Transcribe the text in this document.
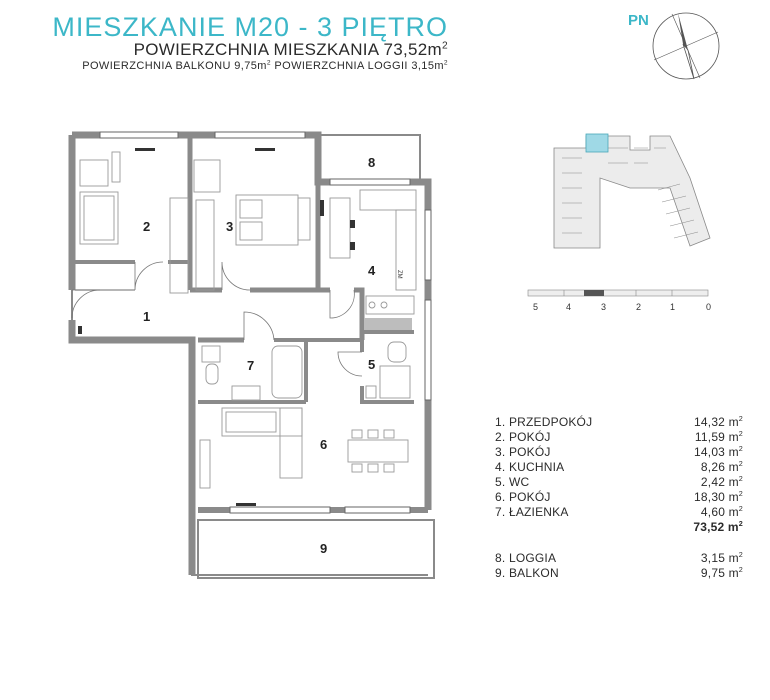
MIESZKANIE M20 - 3 PIĘTRO
POWIERZCHNIA MIESZKANIA $73,52m^2$
POWIERZCHNIA BALKONU $9,75m^2$ POWIERZCHNIA LOGGII $3,15m^2$
PN
2	3
8
4
1
7	5
6
9
ZM
5	4	3	2	1	0
1. PRZEDPOKÓJ	14,32 $m^2$
2. POKÓJ	11,59 $m^2$
3. POKÓJ	14,03 $m^2$
4. KUCHNIA	8,26 $m^2$
5. WC	2,42 $m^2$
6. POKÓJ	18,30 $m^2$
7. ŁAZIENKA	4,60 $m^2$
73,52 $m^2$
8. LOGGIA	3,15 $m^2$
9. BALKON	9,75 $m^2$
